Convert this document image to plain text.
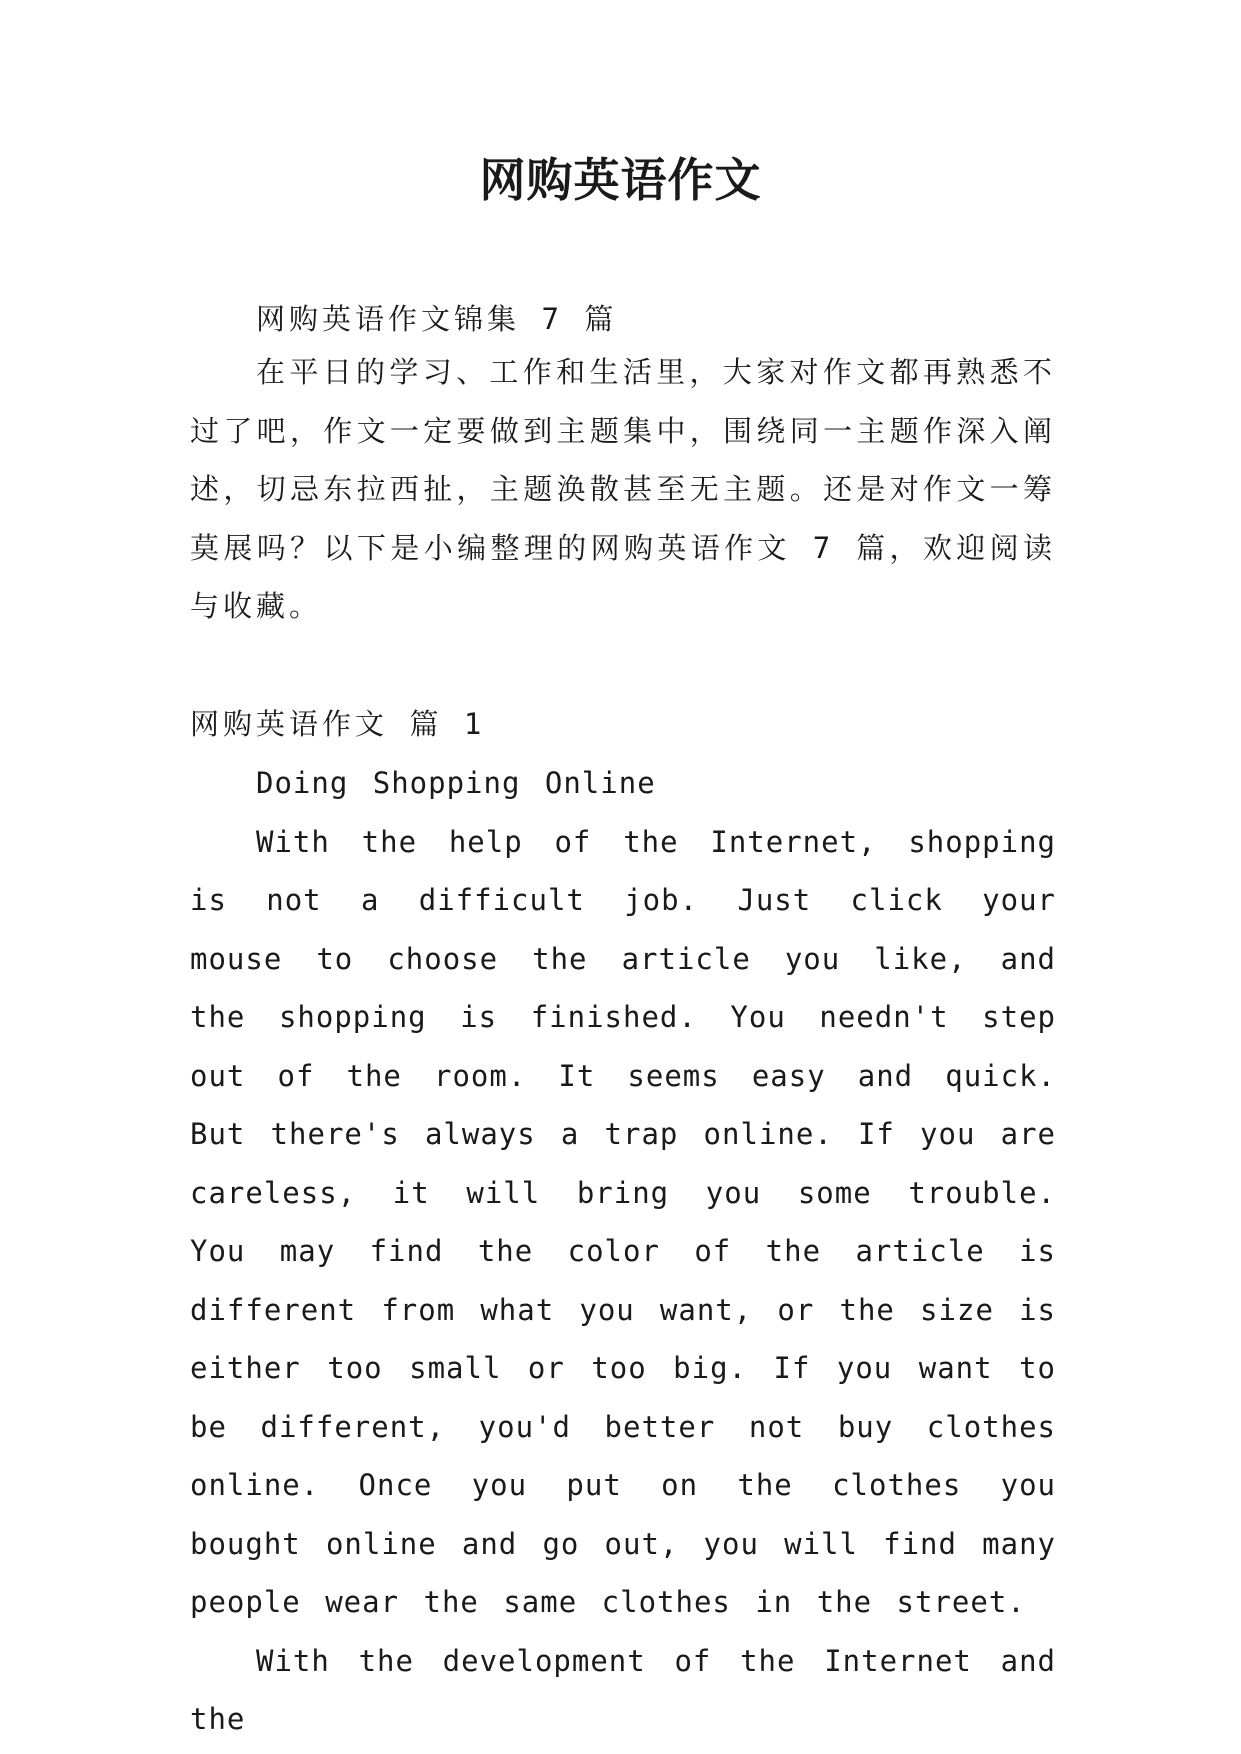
网购英语作文
网购英语作文锦集 7 篇

在平日的学习、工作和生活里，大家对作文都再熟悉不过了吧，作文一定要做到主题集中，围绕同一主题作深入阐述，切忌东拉西扯，主题涣散甚至无主题。还是对作文一筹莫展吗？以下是小编整理的网购英语作文 7 篇，欢迎阅读与收藏。

网购英语作文 篇 1

Doing Shopping Online

With the help of the Internet, shopping is not a difficult job. Just click your mouse to choose the article you like, and the shopping is finished. You needn't step out of the room. It seems easy and quick. But there's always a trap online. If you are careless, it will bring you some trouble. You may find the color of the article is different from what you want, or the size is either too small or too big. If you want to be different, you'd better not buy clothes online. Once you put on the clothes you bought online and go out, you will find many people wear the same clothes in the street.

With the development of the Internet and the
